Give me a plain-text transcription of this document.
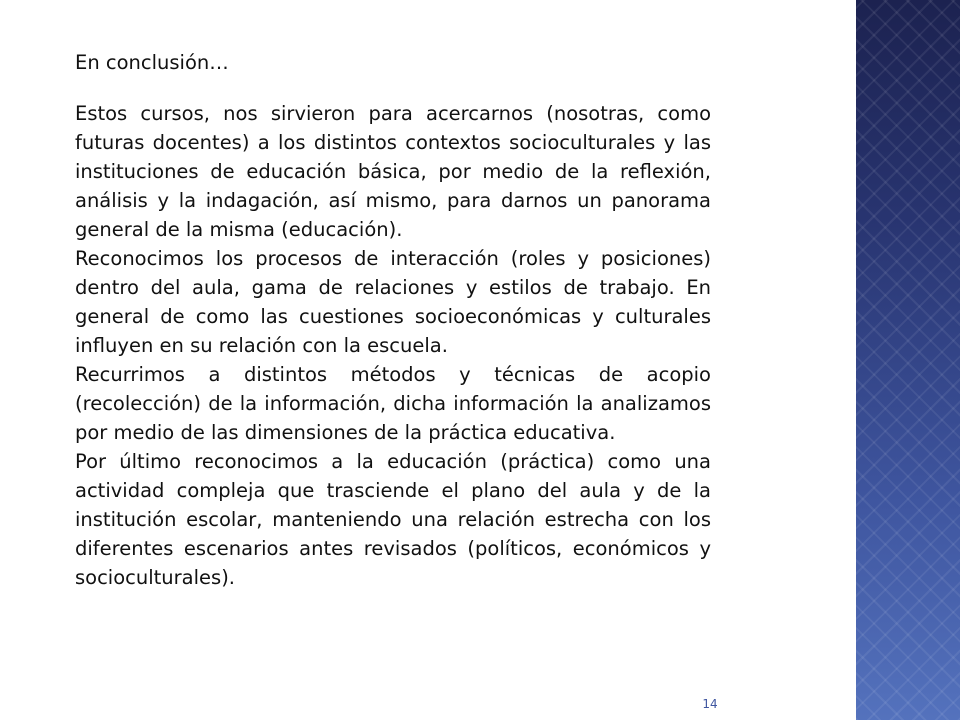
En conclusión…

Estos cursos, nos sirvieron para acercarnos (nosotras, como futuras docentes) a los distintos contextos socioculturales y las instituciones de educación básica, por medio de la reflexión, análisis y la indagación, así mismo, para darnos un panorama general de la misma (educación).

Reconocimos los procesos de interacción (roles y posiciones) dentro del aula, gama de relaciones y estilos de trabajo. En general de como las cuestiones socioeconómicas y culturales influyen en su relación con la escuela.

Recurrimos a distintos métodos y técnicas de acopio (recolección) de la información, dicha información la analizamos por medio de las dimensiones de la práctica educativa.

Por último reconocimos a la educación (práctica) como una actividad compleja que trasciende el plano del aula y de la institución escolar, manteniendo una relación estrecha con los diferentes escenarios antes revisados (políticos, económicos y socioculturales).

14
